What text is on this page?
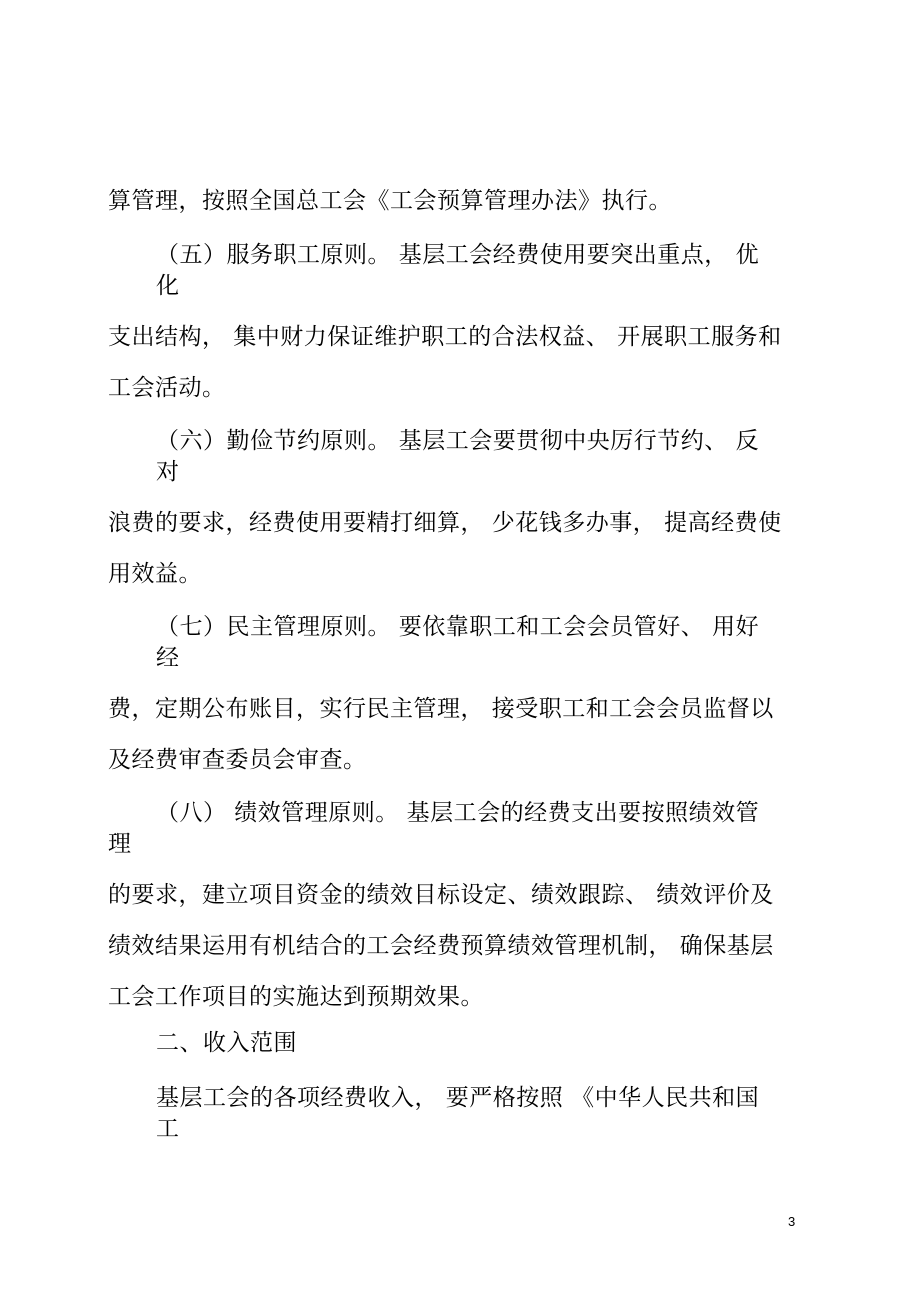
算管理，按照全国总工会《工会预算管理办法》执行。
（五）服务职工原则。 基层工会经费使用要突出重点， 优
化
支出结构， 集中财力保证维护职工的合法权益、 开展职工服务和
工会活动。
（六）勤俭节约原则。 基层工会要贯彻中央厉行节约、 反
对
浪费的要求，经费使用要精打细算， 少花钱多办事， 提高经费使
用效益。
（七）民主管理原则。 要依靠职工和工会会员管好、 用好
经
费，定期公布账目，实行民主管理， 接受职工和工会会员监督以
及经费审查委员会审查。
（八） 绩效管理原则。 基层工会的经费支出要按照绩效管
理
的要求，建立项目资金的绩效目标设定、绩效跟踪、 绩效评价及
绩效结果运用有机结合的工会经费预算绩效管理机制， 确保基层
工会工作项目的实施达到预期效果。
二、收入范围
基层工会的各项经费收入， 要严格按照 《中华人民共和国
工
3
